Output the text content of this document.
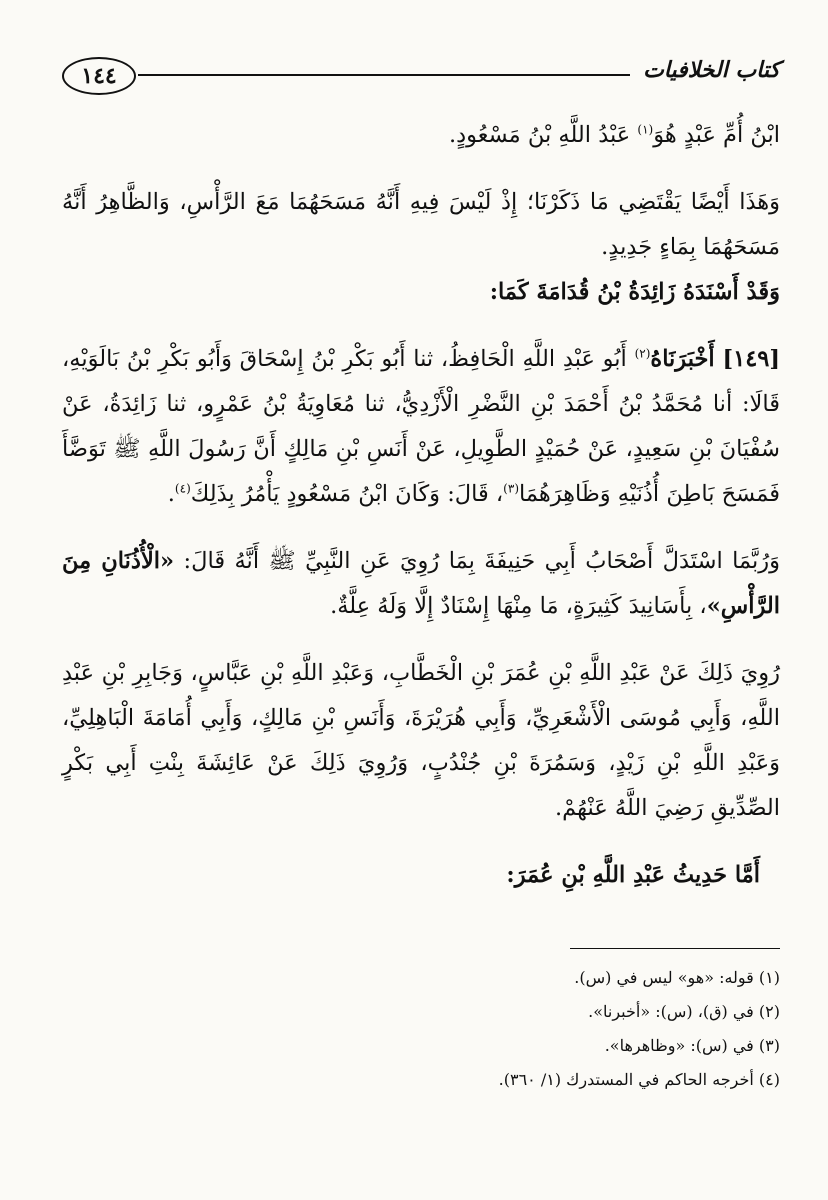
١٤٤	كتاب الخلافيات

ابْنُ أُمِّ عَبْدٍ هُوَ$^{(١)}$ عَبْدُ اللَّهِ بْنُ مَسْعُودٍ.

وَهَذَا أَيْضًا يَقْتَضِي مَا ذَكَرْنَا؛ إِذْ لَيْسَ فِيهِ أَنَّهُ مَسَحَهُمَا مَعَ الرَّأْسِ، وَالظَّاهِرُ أَنَّهُ مَسَحَهُمَا بِمَاءٍ جَدِيدٍ.

وَقَدْ أَسْنَدَهُ زَائِدَةُ بْنُ قُدَامَةَ كَمَا:

[١٤٩] أَخْبَرَنَاهُ$^{(٢)}$ أَبُو عَبْدِ اللَّهِ الْحَافِظُ، ثنا أَبُو بَكْرِ بْنُ إِسْحَاقَ وَأَبُو بَكْرِ بْنُ بَالَوَيْهِ، قَالَا: أنا مُحَمَّدُ بْنُ أَحْمَدَ بْنِ النَّضْرِ الْأَزْدِيُّ، ثنا مُعَاوِيَةُ بْنُ عَمْرٍو، ثنا زَائِدَةُ، عَنْ سُفْيَانَ بْنِ سَعِيدٍ، عَنْ حُمَيْدٍ الطَّوِيلِ، عَنْ أَنَسِ بْنِ مَالِكٍ أَنَّ رَسُولَ اللَّهِ ﷺ تَوَضَّأَ فَمَسَحَ بَاطِنَ أُذُنَيْهِ وَظَاهِرَهُمَا$^{(٣)}$، قَالَ: وَكَانَ ابْنُ مَسْعُودٍ يَأْمُرُ بِذَلِكَ$^{(٤)}$.

وَرُبَّمَا اسْتَدَلَّ أَصْحَابُ أَبِي حَنِيفَةَ بِمَا رُوِيَ عَنِ النَّبِيِّ ﷺ أَنَّهُ قَالَ: «الْأُذُنَانِ مِنَ الرَّأْسِ»، بِأَسَانِيدَ كَثِيرَةٍ، مَا مِنْهَا إِسْنَادٌ إِلَّا وَلَهُ عِلَّةٌ.

رُوِيَ ذَلِكَ عَنْ عَبْدِ اللَّهِ بْنِ عُمَرَ بْنِ الْخَطَّابِ، وَعَبْدِ اللَّهِ بْنِ عَبَّاسٍ، وَجَابِرِ بْنِ عَبْدِ اللَّهِ، وَأَبِي مُوسَى الْأَشْعَرِيِّ، وَأَبِي هُرَيْرَةَ، وَأَنَسِ بْنِ مَالِكٍ، وَأَبِي أُمَامَةَ الْبَاهِلِيِّ، وَعَبْدِ اللَّهِ بْنِ زَيْدٍ، وَسَمُرَةَ بْنِ جُنْدُبٍ، وَرُوِيَ ذَلِكَ عَنْ عَائِشَةَ بِنْتِ أَبِي بَكْرٍ الصِّدِّيقِ رَضِيَ اللَّهُ عَنْهُمْ.

أَمَّا حَدِيثُ عَبْدِ اللَّهِ بْنِ عُمَرَ:

(١) قوله: «هو» ليس في (س).
(٢) في (ق)، (س): «أخبرنا».
(٣) في (س): «وظاهرها».
(٤) أخرجه الحاكم في المستدرك (١/ ٣٦٠).
